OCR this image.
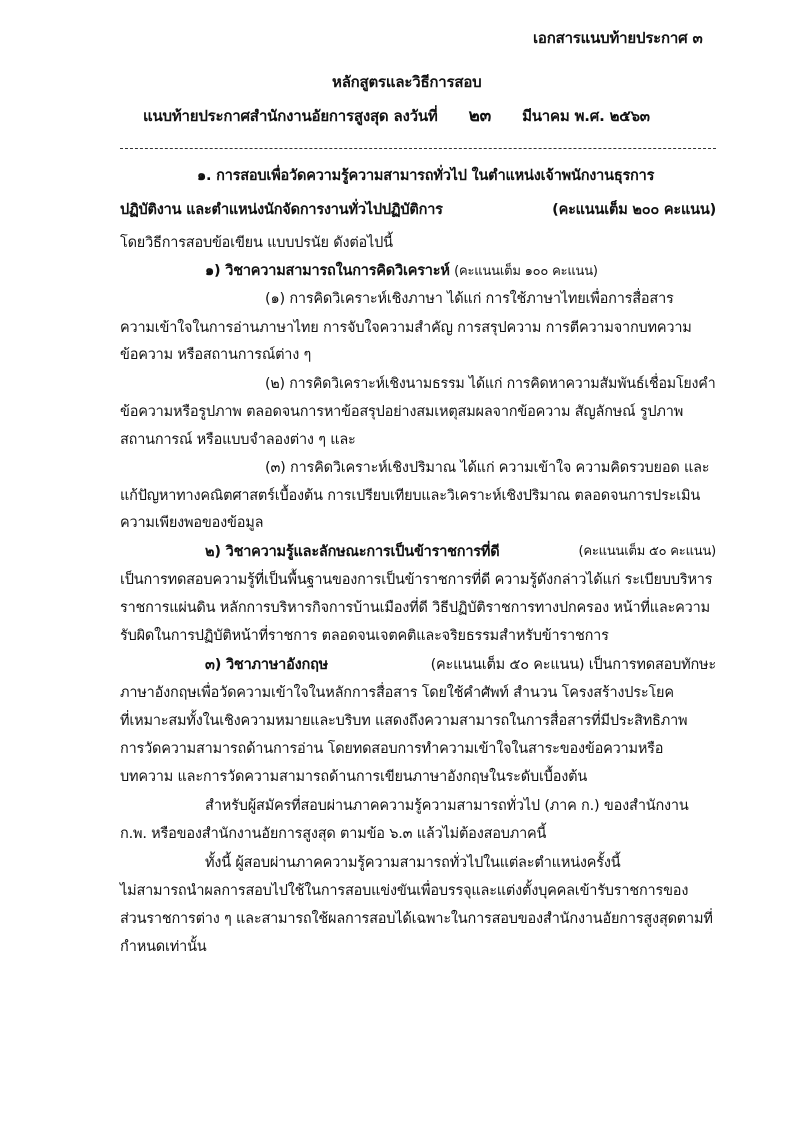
เอกสารแนบท้ายประกาศ ๓
หลักสูตรและวิธีการสอบ
แนบท้ายประกาศสำนักงานอัยการสูงสุด ลงวันที่ ๒๓ มีนาคม พ.ศ. ๒๕๖๓
๑. การสอบเพื่อวัดความรู้ความสามารถทั่วไป ในตำแหน่งเจ้าพนักงานธุรการ
ปฏิบัติงาน และตำแหน่งนักจัดการงานทั่วไปปฏิบัติการ	(คะแนนเต็ม ๒๐๐ คะแนน)
โดยวิธีการสอบข้อเขียน แบบปรนัย ดังต่อไปนี้
๑) วิชาความสามารถในการคิดวิเคราะห์ (คะแนนเต็ม ๑๐๐ คะแนน)
(๑) การคิดวิเคราะห์เชิงภาษา ได้แก่ การใช้ภาษาไทยเพื่อการสื่อสาร
ความเข้าใจในการอ่านภาษาไทย การจับใจความสำคัญ การสรุปความ การตีความจากบทความ
ข้อความ หรือสถานการณ์ต่าง ๆ
(๒) การคิดวิเคราะห์เชิงนามธรรม ได้แก่ การคิดหาความสัมพันธ์เชื่อมโยงคำ
ข้อความหรือรูปภาพ ตลอดจนการหาข้อสรุปอย่างสมเหตุสมผลจากข้อความ สัญลักษณ์ รูปภาพ
สถานการณ์ หรือแบบจำลองต่าง ๆ และ
(๓) การคิดวิเคราะห์เชิงปริมาณ ได้แก่ ความเข้าใจ ความคิดรวบยอด และ
แก้ปัญหาทางคณิตศาสตร์เบื้องต้น การเปรียบเทียบและวิเคราะห์เชิงปริมาณ ตลอดจนการประเมิน
ความเพียงพอของข้อมูล
๒) วิชาความรู้และลักษณะการเป็นข้าราชการที่ดี	(คะแนนเต็ม ๕๐ คะแนน)
เป็นการทดสอบความรู้ที่เป็นพื้นฐานของการเป็นข้าราชการที่ดี ความรู้ดังกล่าวได้แก่ ระเบียบบริหาร
ราชการแผ่นดิน หลักการบริหารกิจการบ้านเมืองที่ดี วิธีปฏิบัติราชการทางปกครอง หน้าที่และความ
รับผิดในการปฏิบัติหน้าที่ราชการ ตลอดจนเจตคติและจริยธรรมสำหรับข้าราชการ
๓) วิชาภาษาอังกฤษ	(คะแนนเต็ม ๕๐ คะแนน) เป็นการทดสอบทักษะ
ภาษาอังกฤษเพื่อวัดความเข้าใจในหลักการสื่อสาร โดยใช้คำศัพท์ สำนวน โครงสร้างประโยค
ที่เหมาะสมทั้งในเชิงความหมายและบริบท แสดงถึงความสามารถในการสื่อสารที่มีประสิทธิภาพ
การวัดความสามารถด้านการอ่าน โดยทดสอบการทำความเข้าใจในสาระของข้อความหรือ
บทความ และการวัดความสามารถด้านการเขียนภาษาอังกฤษในระดับเบื้องต้น
สำหรับผู้สมัครที่สอบผ่านภาคความรู้ความสามารถทั่วไป (ภาค ก.) ของสำนักงาน
ก.พ. หรือของสำนักงานอัยการสูงสุด ตามข้อ ๖.๓ แล้วไม่ต้องสอบภาคนี้
ทั้งนี้ ผู้สอบผ่านภาคความรู้ความสามารถทั่วไปในแต่ละตำแหน่งครั้งนี้
ไม่สามารถนำผลการสอบไปใช้ในการสอบแข่งขันเพื่อบรรจุและแต่งตั้งบุคคลเข้ารับราชการของ
ส่วนราชการต่าง ๆ และสามารถใช้ผลการสอบได้เฉพาะในการสอบของสำนักงานอัยการสูงสุดตามที่
กำหนดเท่านั้น
